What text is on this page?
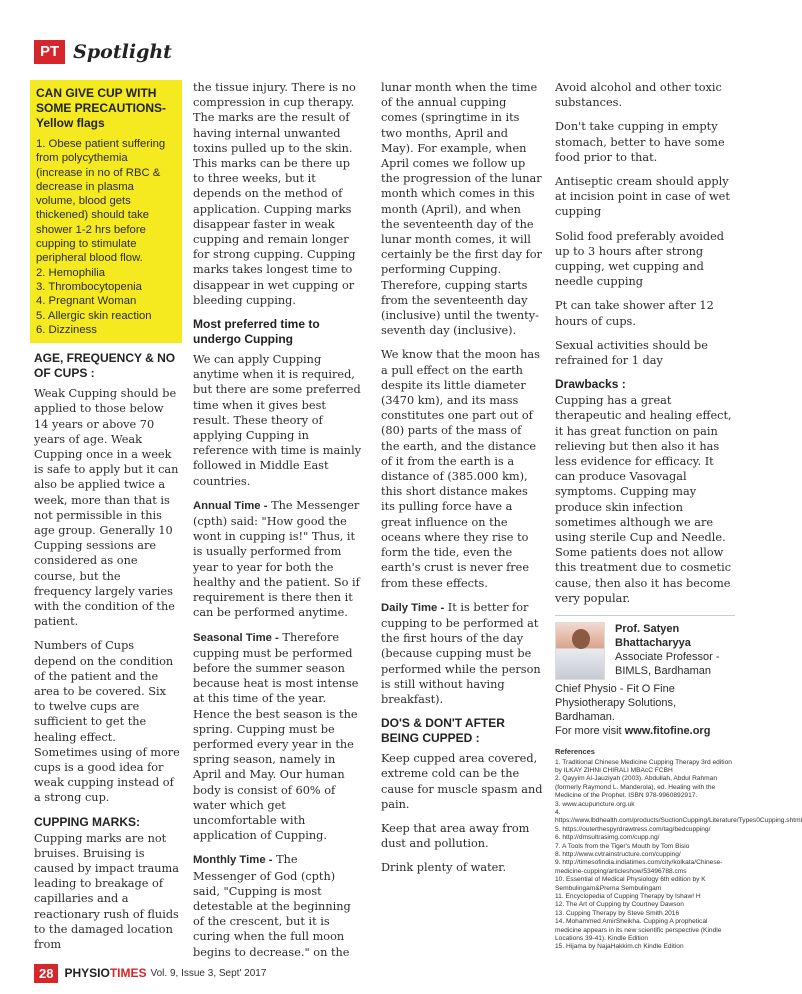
PT Spotlight
CAN GIVE CUP WITH SOME PRECAUTIONS- Yellow flags

1. Obese patient suffering from polycythemia (increase in no of RBC & decrease in plasma volume, blood gets thickened) should take shower 1-2 hrs before cupping to stimulate peripheral blood flow.

2. Hemophilia

3. Thrombocytopenia

4. Pregnant Woman

5. Allergic skin reaction

6. Dizziness

AGE, FREQUENCY & NO OF CUPS :

Weak Cupping should be applied to those below 14 years or above 70 years of age. Weak Cupping once in a week is safe to apply but it can also be applied twice a week, more than that is not permissible in this age group. Generally 10 Cupping sessions are considered as one course, but the frequency largely varies with the condition of the patient.

Numbers of Cups depend on the condition of the patient and the area to be covered. Six to twelve cups are sufficient to get the healing effect. Sometimes using of more cups is a good idea for weak cupping instead of a strong cup.

CUPPING MARKS:

Cupping marks are not bruises. Bruising is caused by impact trauma leading to breakage of capillaries and a reactionary rush of fluids to the damaged location from

the tissue injury. There is no compression in cup therapy. The marks are the result of having internal unwanted toxins pulled up to the skin. This marks can be there up to three weeks, but it depends on the method of application. Cupping marks disappear faster in weak cupping and remain longer for strong cupping. Cupping marks takes longest time to disappear in wet cupping or bleeding cupping.

Most preferred time to undergo Cupping

We can apply Cupping anytime when it is required, but there are some preferred time when it gives best result. These theory of applying Cupping in reference with time is mainly followed in Middle East countries.

Annual Time - The Messenger (cpth) said: "How good the wont in cupping is!" Thus, it is usually performed from year to year for both the healthy and the patient. So if requirement is there then it can be performed anytime.

Seasonal Time - Therefore cupping must be performed before the summer season because heat is most intense at this time of the year. Hence the best season is the spring. Cupping must be performed every year in the spring season, namely in April and May. Our human body is consist of 60% of water which get uncomfortable with application of Cupping.

Monthly Time - The Messenger of God (cpth) said, "Cupping is most detestable at the beginning of the crescent, but it is curing when the full moon begins to decrease." on the

lunar month when the time of the annual cupping comes (springtime in its two months, April and May). For example, when April comes we follow up the progression of the lunar month which comes in this month (April), and when the seventeenth day of the lunar month comes, it will certainly be the first day for performing Cupping. Therefore, cupping starts from the seventeenth day (inclusive) until the twenty-seventh day (inclusive).

We know that the moon has a pull effect on the earth despite its little diameter (3470 km), and its mass constitutes one part out of (80) parts of the mass of the earth, and the distance of it from the earth is a distance of (385.000 km), this short distance makes its pulling force have a great influence on the oceans where they rise to form the tide, even the earth's crust is never free from these effects.

Daily Time - It is better for cupping to be performed at the first hours of the day (because cupping must be performed while the person is still without having breakfast).

DO'S & DON'T AFTER BEING CUPPED :

Keep cupped area covered, extreme cold can be the cause for muscle spasm and pain.

Keep that area away from dust and pollution.

Drink plenty of water.

Avoid alcohol and other toxic substances.

Don't take cupping in empty stomach, better to have some food prior to that.

Antiseptic cream should apply at incision point in case of wet cupping

Solid food preferably avoided up to 3 hours after strong cupping, wet cupping and needle cupping

Pt can take shower after 12 hours of cups.

Sexual activities should be refrained for 1 day

Drawbacks :

Cupping has a great therapeutic and healing effect, it has great function on pain relieving but then also it has less evidence for efficacy. It can produce Vasovagal symptoms. Cupping may produce skin infection sometimes although we are using sterile Cup and Needle. Some patients does not allow this treatment due to cosmetic cause, then also it has become very popular.

Prof. Satyen
Bhattacharyya
Associate Professor -
BIMLS, Bardhaman
Chief Physio - Fit O Fine Physiotherapy Solutions, Bardhaman.
For more visit www.fitofine.org
References
1. Traditional Chinese Medicine Cupping Therapy 3rd edition by ILKAY ZIHNI CHIRALI MBAcC FCBH
2. Qayyim Al-Jauziyah (2003). Abdullah, Abdul Rahman (formerly Raymond L. Manderola), ed. Healing with the Medicine of the Prophet. ISBN 978-9960892917.
3. www.acupuncture.org.uk
4. https://www.lbdhealth.com/products/SuctionCupping/Literature/Types0Cupping.shtml
5. https://outerthespyrdrawtress.com/tag/bedcupping/
6. http://dmsultrasimg.com/cupp.ng/
7. A Tools from the Tiger's Mouth by Tom Bisio
8. http://www.cvtrainstructure.com/cupping/
9. http://timesofindia.indiatimes.com/city/kolkata/Chinese-medicine-cupping/articleshow/53496788.cms
10. Essential of Medical Physiology 6th edition by K Sembulingam&Prema Sembulingam
11. Encyclopedia of Cupping Therapy by Ishaw! H
12. The Art of Cupping by Courtney Dawson
13. Cupping Therapy by Steve Smith 2016
14. Mohammed AmirSheikha. Cupping A prophetical medicine appears in its new scientific perspective (Kindle Locations 39-41). Kindle Edition
15. Hijama by NajaHakkim.ch Kindle Edition
28 PHYSIOTIMES Vol. 9, Issue 3, Sept' 2017
